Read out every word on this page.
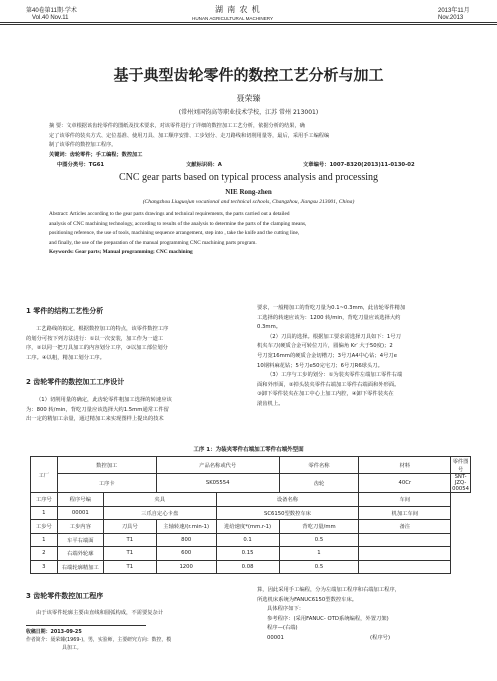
第40卷第11期·学术
Vol.40 Nov.11
湖 南 农 机
HUNAN AGRICULTURAL MACHINERY
2013年11月
Nov.2013
基于典型齿轮零件的数控工艺分析与加工
聂荣臻
(常州刘国钧高等职业技术学校，江苏 常州 213001)
摘 要：文章根据该齿轮零件的图纸及技术要求，对该零件进行了详细的数控加工工艺分析，依据分析的结果，确
定了该零件的装夹方式、定位基准、使用刀具、加工顺序安排、工步划分、走刀路线和切削用量等，最后，采用手工编程编
制了该零件的数控加工程序。
关键词：齿轮零件；手工编程；数控加工
中图分类号：TG61	文献标识码：A	文章编号：1007-8320(2013)11-0130-02
CNC gear parts based on typical process analysis and processing
NIE Rong-zhen
(Changzhou Liuguojun vocational and technical schools, Changzhou, Jiangsu 213001, China)
Abstract: Articles according to the gear parts drawings and technical requirements, the parts carried out a detailed
analysis of CNC machining technology, according to results of the analysis to determine the parts of the clamping means,
positioning reference, the use of tools, machining sequence arrangement, step into , take the knife and the cutting line,
and finally, the use of the preparation of the manual programming CNC machining parts program.
Keywords: Gear parts; Manual programming; CNC machining
1 零件的结构工艺性分析
工艺路线的拟定，根据数控加工的特点，该零件数控工序
的划分可按下列方法进行：①以一次安装，加工作为一道工
序，②以同一把刀具加工的内容划分工序，③以加工部位划分
工序。④以粗，精加工划分工序。
2 齿轮零件的数控加工工序设计
（1）切削用量的确定，此齿轮零件粗加工选择的转速应该
为：800 转/min，背吃刀量应该选择大约1.5mm通常工件留
出一定的精加工余量，通过精加工来实现图样上提出的技术
要求，一般精加工的背吃刀量为0.1~0.3mm，此齿轮零件精加
工选择的转速应该为：1200 转/min，背吃刀量应该选择大约
0.3mm。
（2）刀具的选择。根据加工要求需选择刀具如下：1号刀
机夹车刀(硬质合金可转位刀片，圆偏角 Kr′ 大于50度)；2
号刀宽16mm的硬质合金切槽刀；3号刀A4中心钻；4号刀e
10钢料麻花钻；5号刀e50完宅刀；6号刀R6球头刀。
（3）工序与工步的划分：①为装夹零件左端加工零件右端
面和外形面，②掉头装夹零件右端加工零件右端面和外形面。
③卸下零件装夹在加工中心上加工内腔，④卸下零件装夹在
滚齿机上。
工序 1：为装夹零件右端加工零件右端外型面
工厂	数控加工		产品名称或代号		零件名称	材料	零件图号
	工序卡		SK05554		齿轮	40Cr	SNT-JZQ-00054
工序号	程序号编	夹具		设备名称		车间	
1	00001	三爪自定心卡盘		SC6150型数控车床		机加工车间	
工步号	工步内容	刀具号	主轴转速/(r.min-1)	进给速度*(mm.r-1)	背吃刀量/mm	备注	
1	车平右端面	T1	800	0.1	0.5		
2	右端外轮廓	T1	600	0.15	1		
3	右端轮廓精加工	T1	1200	0.08	0.5		
3 齿轮零件数控加工程序
由于该零件轮廓主要由直线和圆弧构成，不需要复杂计
收稿日期：2013-09-25
作者简介：聂荣臻(1969-)，男，实验师，主要研究方向：数控，模
具加工。
算，因此采用手工编程，分为左端加工程序和右端加工程序，
所选机床系统为FANUC6150型数控车床。
具体程序如下：
参考程序：(采用FANUC- OTD系统编程，外置刀架)
程序—(右端)
00001	(程序号)
